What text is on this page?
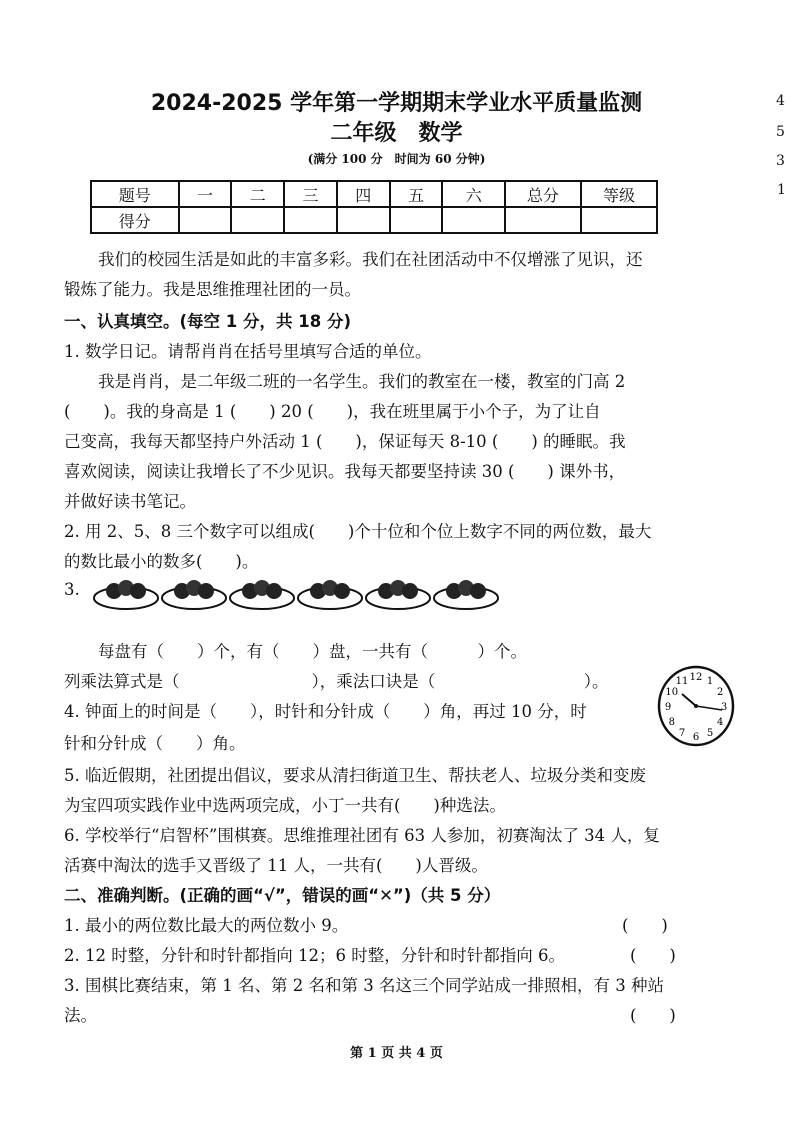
2024-2025 学年第一学期期末学业水平质量监测
二年级　数学
(满分 100 分　时间为 60 分钟)
4
5
3
1
题号	一	二	三	四	五	六	总分	等级
得分								
我们的校园生活是如此的丰富多彩。我们在社团活动中不仅增涨了见识，还
锻炼了能力。我是思维推理社团的一员。
一、认真填空。(每空 1 分，共 18 分)
1. 数学日记。请帮肖肖在括号里填写合适的单位。
我是肖肖，是二年级二班的一名学生。我们的教室在一楼，教室的门高 2
(　　)。我的身高是 1 (　　) 20 (　　)，我在班里属于小个子，为了让自
己变高，我每天都坚持户外活动 1 (　　)，保证每天 8-10 (　　) 的睡眠。我
喜欢阅读，阅读让我增长了不少见识。我每天都要坚持读 30 (　　) 课外书，
并做好读书笔记。
2. 用 2、5、8 三个数字可以组成(　　)个十位和个位上数字不同的两位数，最大
的数比最小的数多(　　)。
3.
每盘有（　　）个，有（　　）盘，一共有（　　　）个。
列乘法算式是（　　　　　　　　），乘法口诀是（　　　　　　　　　）。
4. 钟面上的时间是（　　），时针和分针成（　　）角，再过 10 分，时
针和分针成（　　）角。
12 1
2
3
4
5
6
7
8
9
10
11
5. 临近假期，社团提出倡议，要求从清扫街道卫生、帮扶老人、垃圾分类和变废
为宝四项实践作业中选两项完成，小丁一共有(　　)种选法。
6. 学校举行“启智杯”围棋赛。思维推理社团有 63 人参加，初赛淘汰了 34 人，复
活赛中淘汰的选手又晋级了 11 人，一共有(　　)人晋级。
二、准确判断。(正确的画“√”，错误的画“✕”)（共 5 分）
1. 最小的两位数比最大的两位数小 9。	(　　)
2. 12 时整，分针和时针都指向 12；6 时整，分针和时针都指向 6。	(　　)
3. 围棋比赛结束，第 1 名、第 2 名和第 3 名这三个同学站成一排照相，有 3 种站
法。	(　　)
第 1 页 共 4 页
